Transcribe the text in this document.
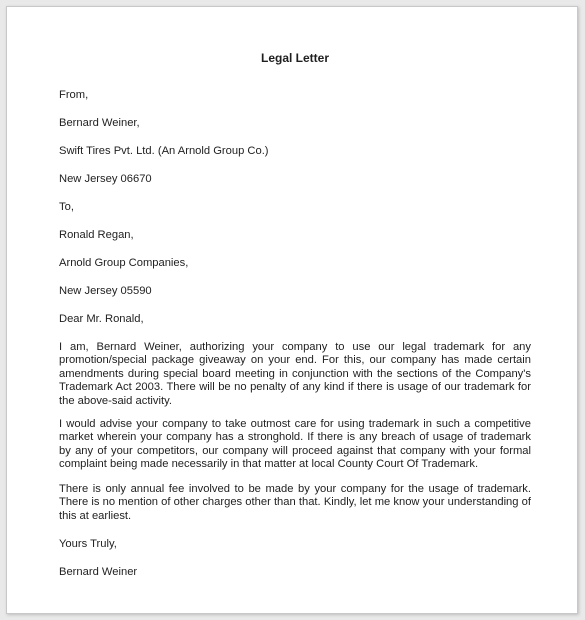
Legal Letter
From,
Bernard Weiner,
Swift Tires Pvt. Ltd. (An Arnold Group Co.)
New Jersey 06670
To,
Ronald Regan,
Arnold Group Companies,
New Jersey 05590
Dear Mr. Ronald,
I am, Bernard Weiner, authorizing your company to use our legal trademark for any promotion/special package giveaway on your end. For this, our company has made certain amendments during special board meeting in conjunction with the sections of the Company's Trademark Act 2003. There will be no penalty of any kind if there is usage of our trademark for the above-said activity.
I would advise your company to take outmost care for using trademark in such a competitive market wherein your company has a stronghold. If there is any breach of usage of trademark by any of your competitors, our company will proceed against that company with your formal complaint being made necessarily in that matter at local County Court Of Trademark.
There is only annual fee involved to be made by your company for the usage of trademark. There is no mention of other charges other than that. Kindly, let me know your understanding of this at earliest.
Yours Truly,
Bernard Weiner
